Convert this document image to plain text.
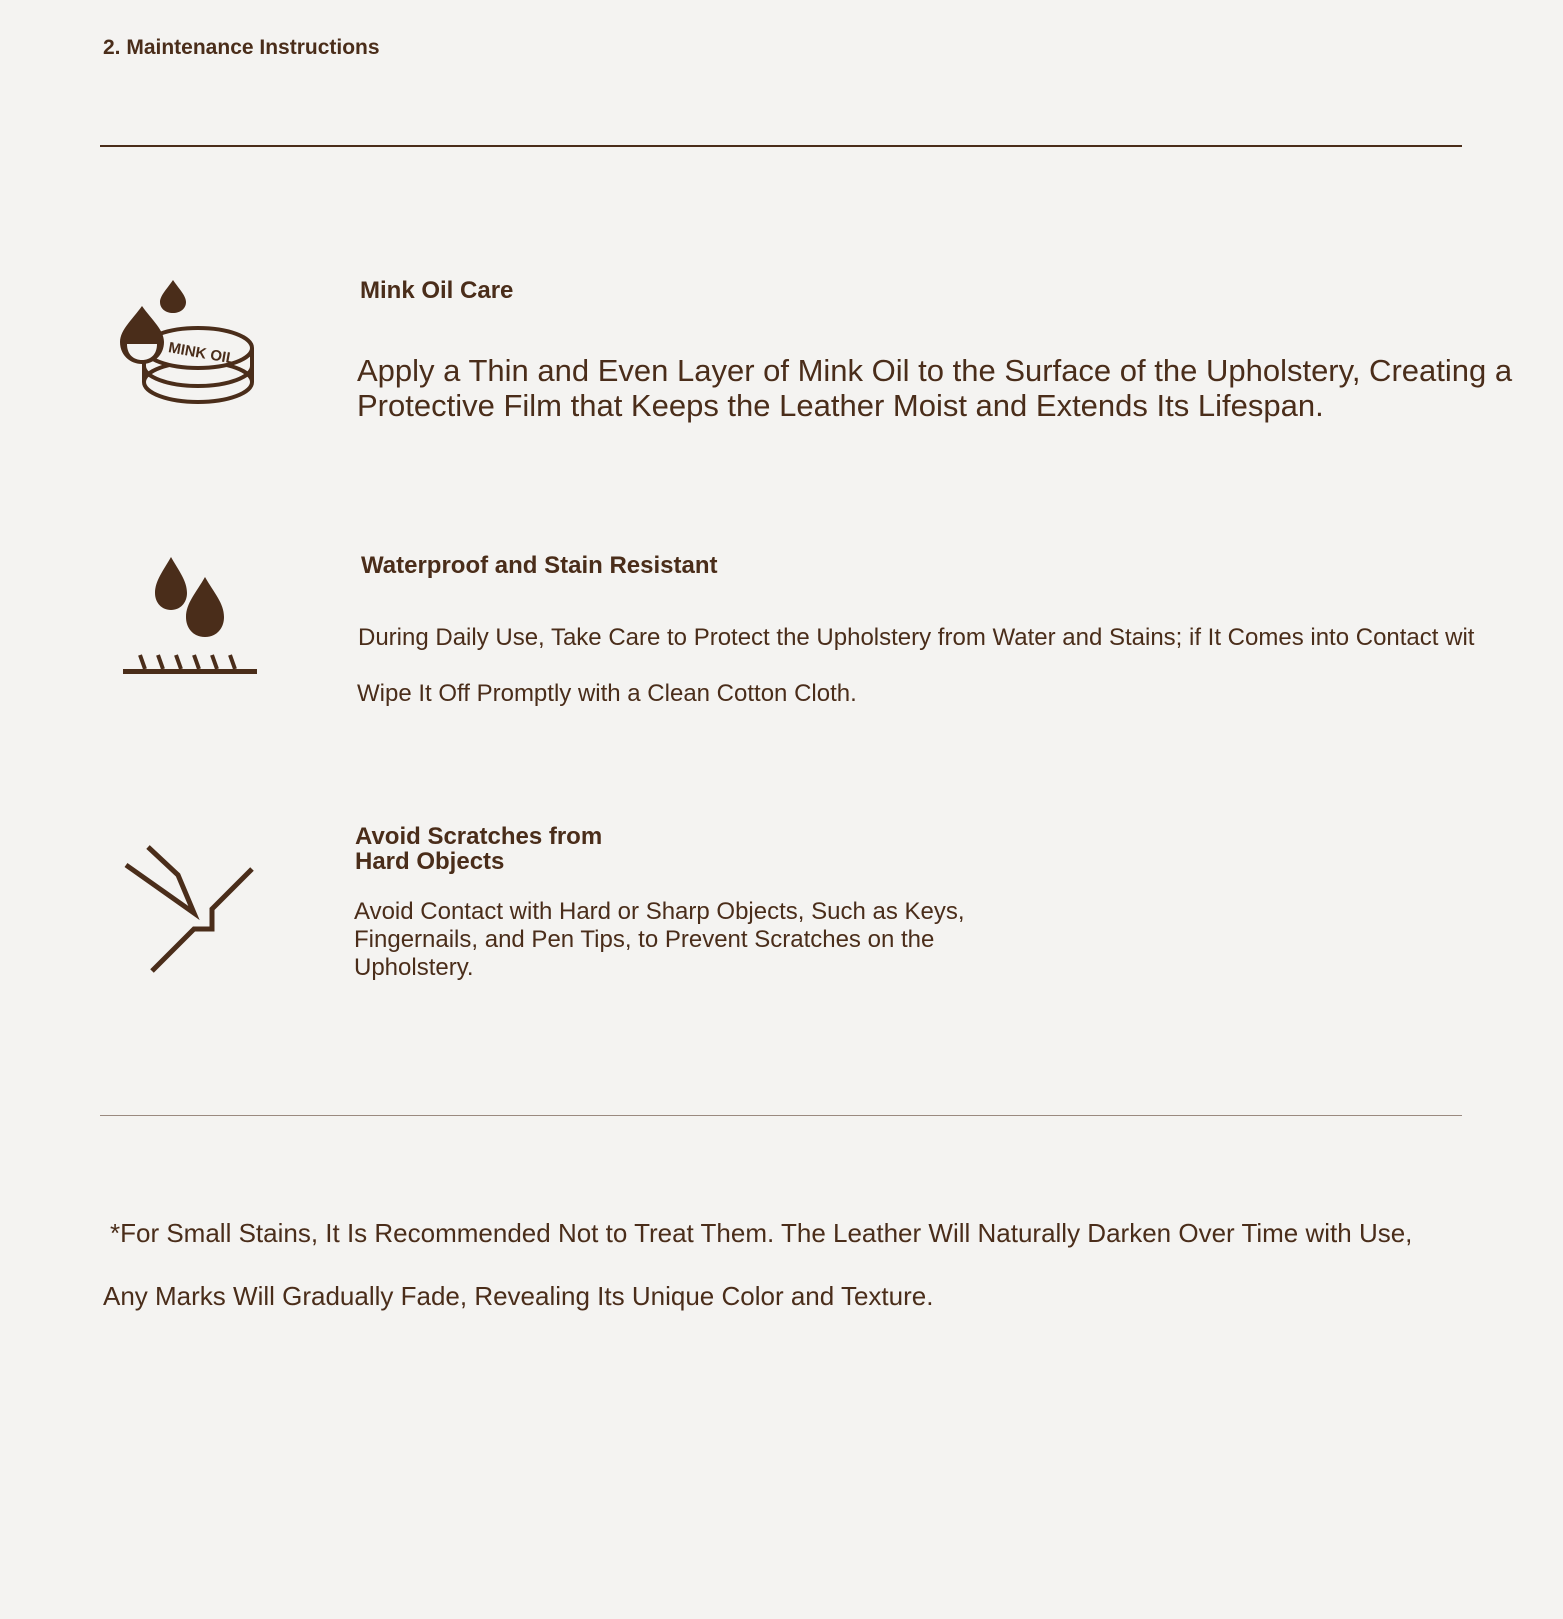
2. Maintenance Instructions
MINK OIL
Mink Oil Care
Apply a Thin and Even Layer of Mink Oil to the Surface of the Upholstery, Creating a Protective Film that Keeps the Leather Moist and Extends Its Lifespan.
Waterproof and Stain Resistant
During Daily Use, Take Care to Protect the Upholstery from Water and Stains; if It Comes into Contact wit
Wipe It Off Promptly with a Clean Cotton Cloth.
Avoid Scratches from
Hard Objects
Avoid Contact with Hard or Sharp Objects, Such as Keys, Fingernails, and Pen Tips, to Prevent Scratches on the Upholstery.
*For Small Stains, It Is Recommended Not to Treat Them. The Leather Will Naturally Darken Over Time with Use,
Any Marks Will Gradually Fade, Revealing Its Unique Color and Texture.
